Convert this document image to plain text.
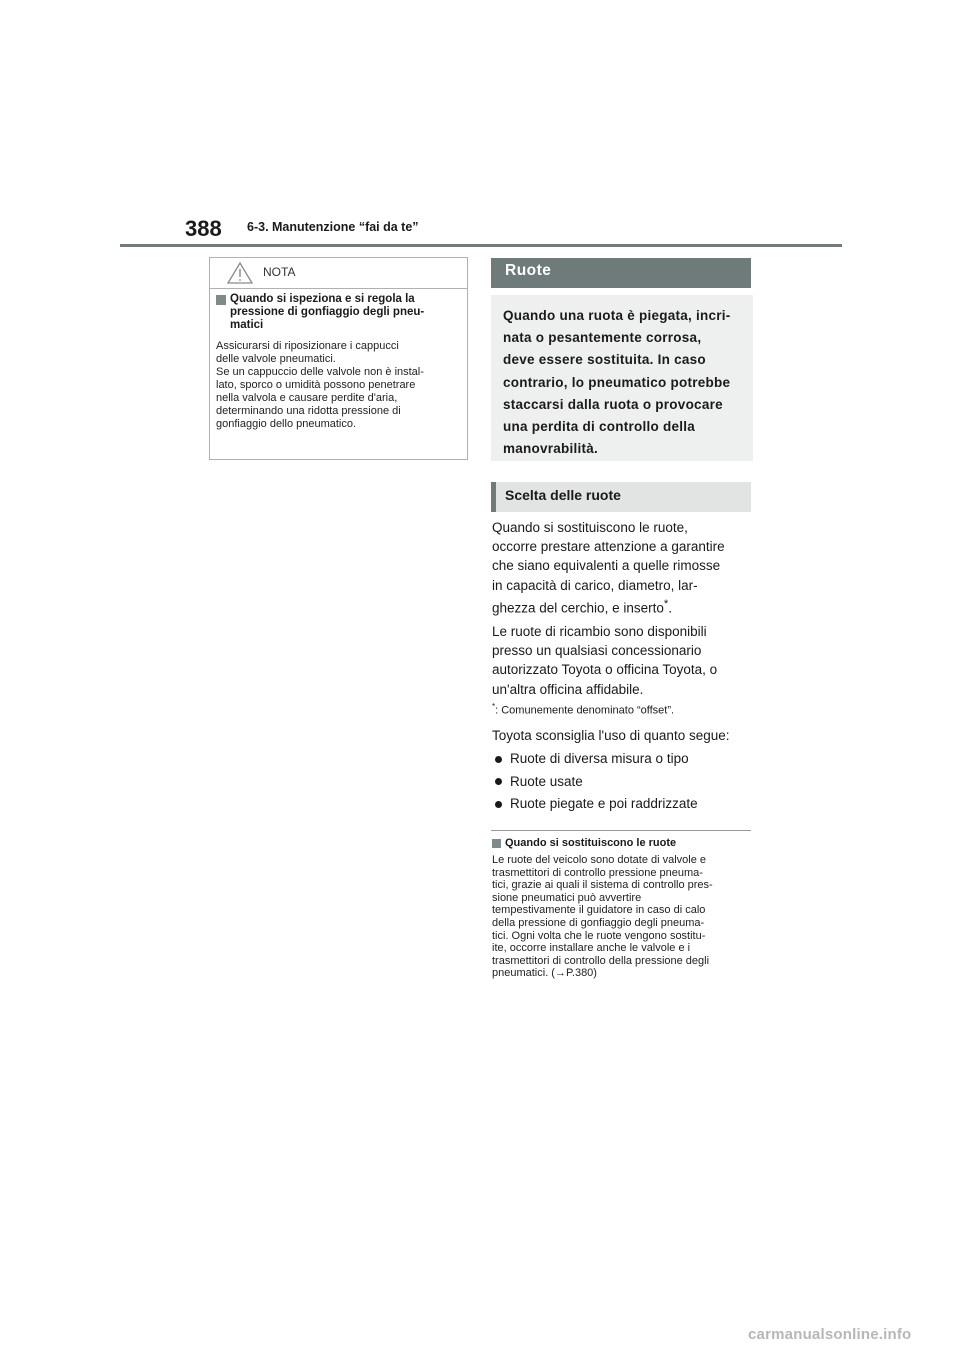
388 6-3. Manutenzione “fai da te”
NOTA
Quando si ispeziona e si regola la pressione di gonfiaggio degli pneu-matici
Assicurarsi di riposizionare i cappucci
delle valvole pneumatici.
Se un cappuccio delle valvole non è instal-
lato, sporco o umidità possono penetrare
nella valvola e causare perdite d'aria,
determinando una ridotta pressione di
gonfiaggio dello pneumatico.
Ruote
Quando una ruota è piegata, incri-
nata o pesantemente corrosa,
deve essere sostituita. In caso
contrario, lo pneumatico potrebbe
staccarsi dalla ruota o provocare
una perdita di controllo della
manovrabilità.
Scelta delle ruote
Quando si sostituiscono le ruote,
occorre prestare attenzione a garantire
che siano equivalenti a quelle rimosse
in capacità di carico, diametro, lar-
ghezza del cerchio, e inserto*.
Le ruote di ricambio sono disponibili
presso un qualsiasi concessionario
autorizzato Toyota o officina Toyota, o
un'altra officina affidabile.
*: Comunemente denominato “offset”.
Toyota sconsiglia l'uso di quanto segue:
Ruote di diversa misura o tipo
Ruote usate
Ruote piegate e poi raddrizzate
Quando si sostituiscono le ruote
Le ruote del veicolo sono dotate di valvole e
trasmettitori di controllo pressione pneuma-
tici, grazie ai quali il sistema di controllo pres-
sione pneumatici può avvertire
tempestivamente il guidatore in caso di calo
della pressione di gonfiaggio degli pneuma-
tici. Ogni volta che le ruote vengono sostitu-
ite, occorre installare anche le valvole e i
trasmettitori di controllo della pressione degli
pneumatici. (→P.380)
carmanualsonline.info
